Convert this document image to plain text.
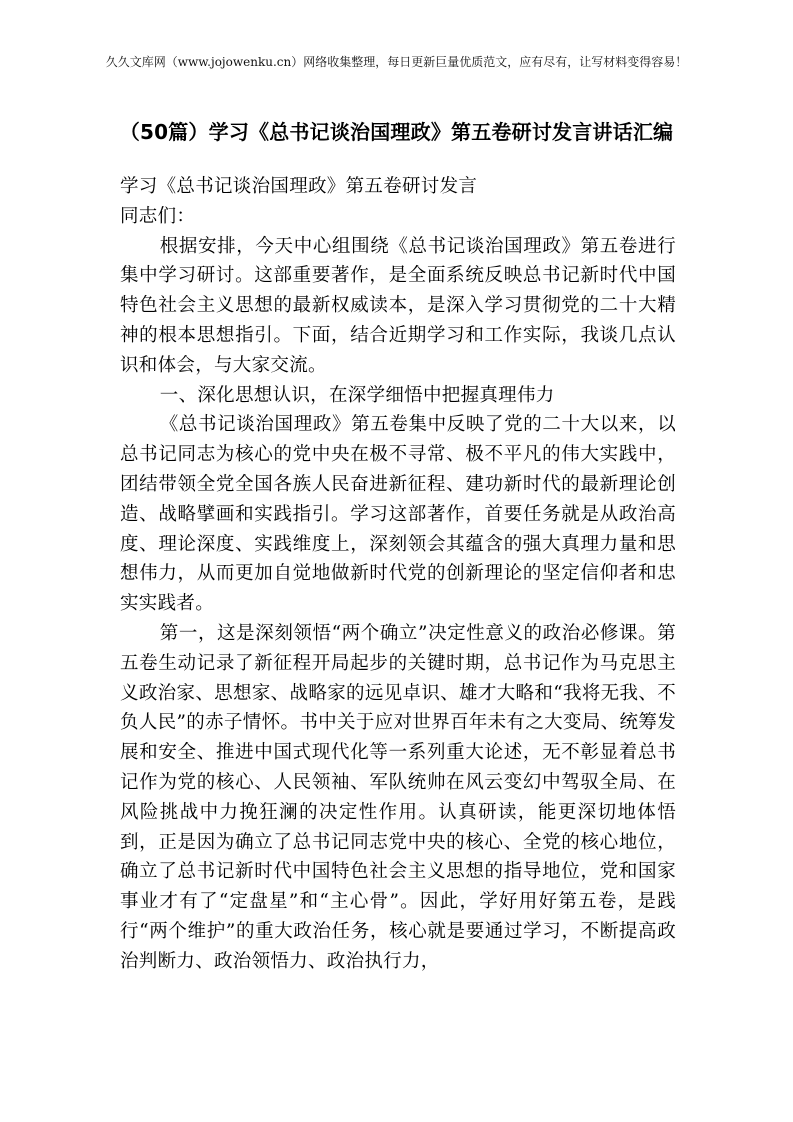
久久文库网（www.jojowenku.cn）网络收集整理，每日更新巨量优质范文，应有尽有，让写材料变得容易！
（50篇）学习《总书记谈治国理政》第五卷研讨发言讲话汇编

学习《总书记谈治国理政》第五卷研讨发言

同志们：

根据安排，今天中心组围绕《总书记谈治国理政》第五卷进行集中学习研讨。这部重要著作，是全面系统反映总书记新时代中国特色社会主义思想的最新权威读本，是深入学习贯彻党的二十大精神的根本思想指引。下面，结合近期学习和工作实际，我谈几点认识和体会，与大家交流。

一、深化思想认识，在深学细悟中把握真理伟力

《总书记谈治国理政》第五卷集中反映了党的二十大以来，以总书记同志为核心的党中央在极不寻常、极不平凡的伟大实践中，团结带领全党全国各族人民奋进新征程、建功新时代的最新理论创造、战略擘画和实践指引。学习这部著作，首要任务就是从政治高度、理论深度、实践维度上，深刻领会其蕴含的强大真理力量和思想伟力，从而更加自觉地做新时代党的创新理论的坚定信仰者和忠实实践者。

第一，这是深刻领悟“两个确立”决定性意义的政治必修课。第五卷生动记录了新征程开局起步的关键时期，总书记作为马克思主义政治家、思想家、战略家的远见卓识、雄才大略和“我将无我、不负人民”的赤子情怀。书中关于应对世界百年未有之大变局、统筹发展和安全、推进中国式现代化等一系列重大论述，无不彰显着总书记作为党的核心、人民领袖、军队统帅在风云变幻中驾驭全局、在风险挑战中力挽狂澜的决定性作用。认真研读，能更深切地体悟到，正是因为确立了总书记同志党中央的核心、全党的核心地位，确立了总书记新时代中国特色社会主义思想的指导地位，党和国家事业才有了“定盘星”和“主心骨”。因此，学好用好第五卷，是践行“两个维护”的重大政治任务，核心就是要通过学习，不断提高政治判断力、政治领悟力、政治执行力，
